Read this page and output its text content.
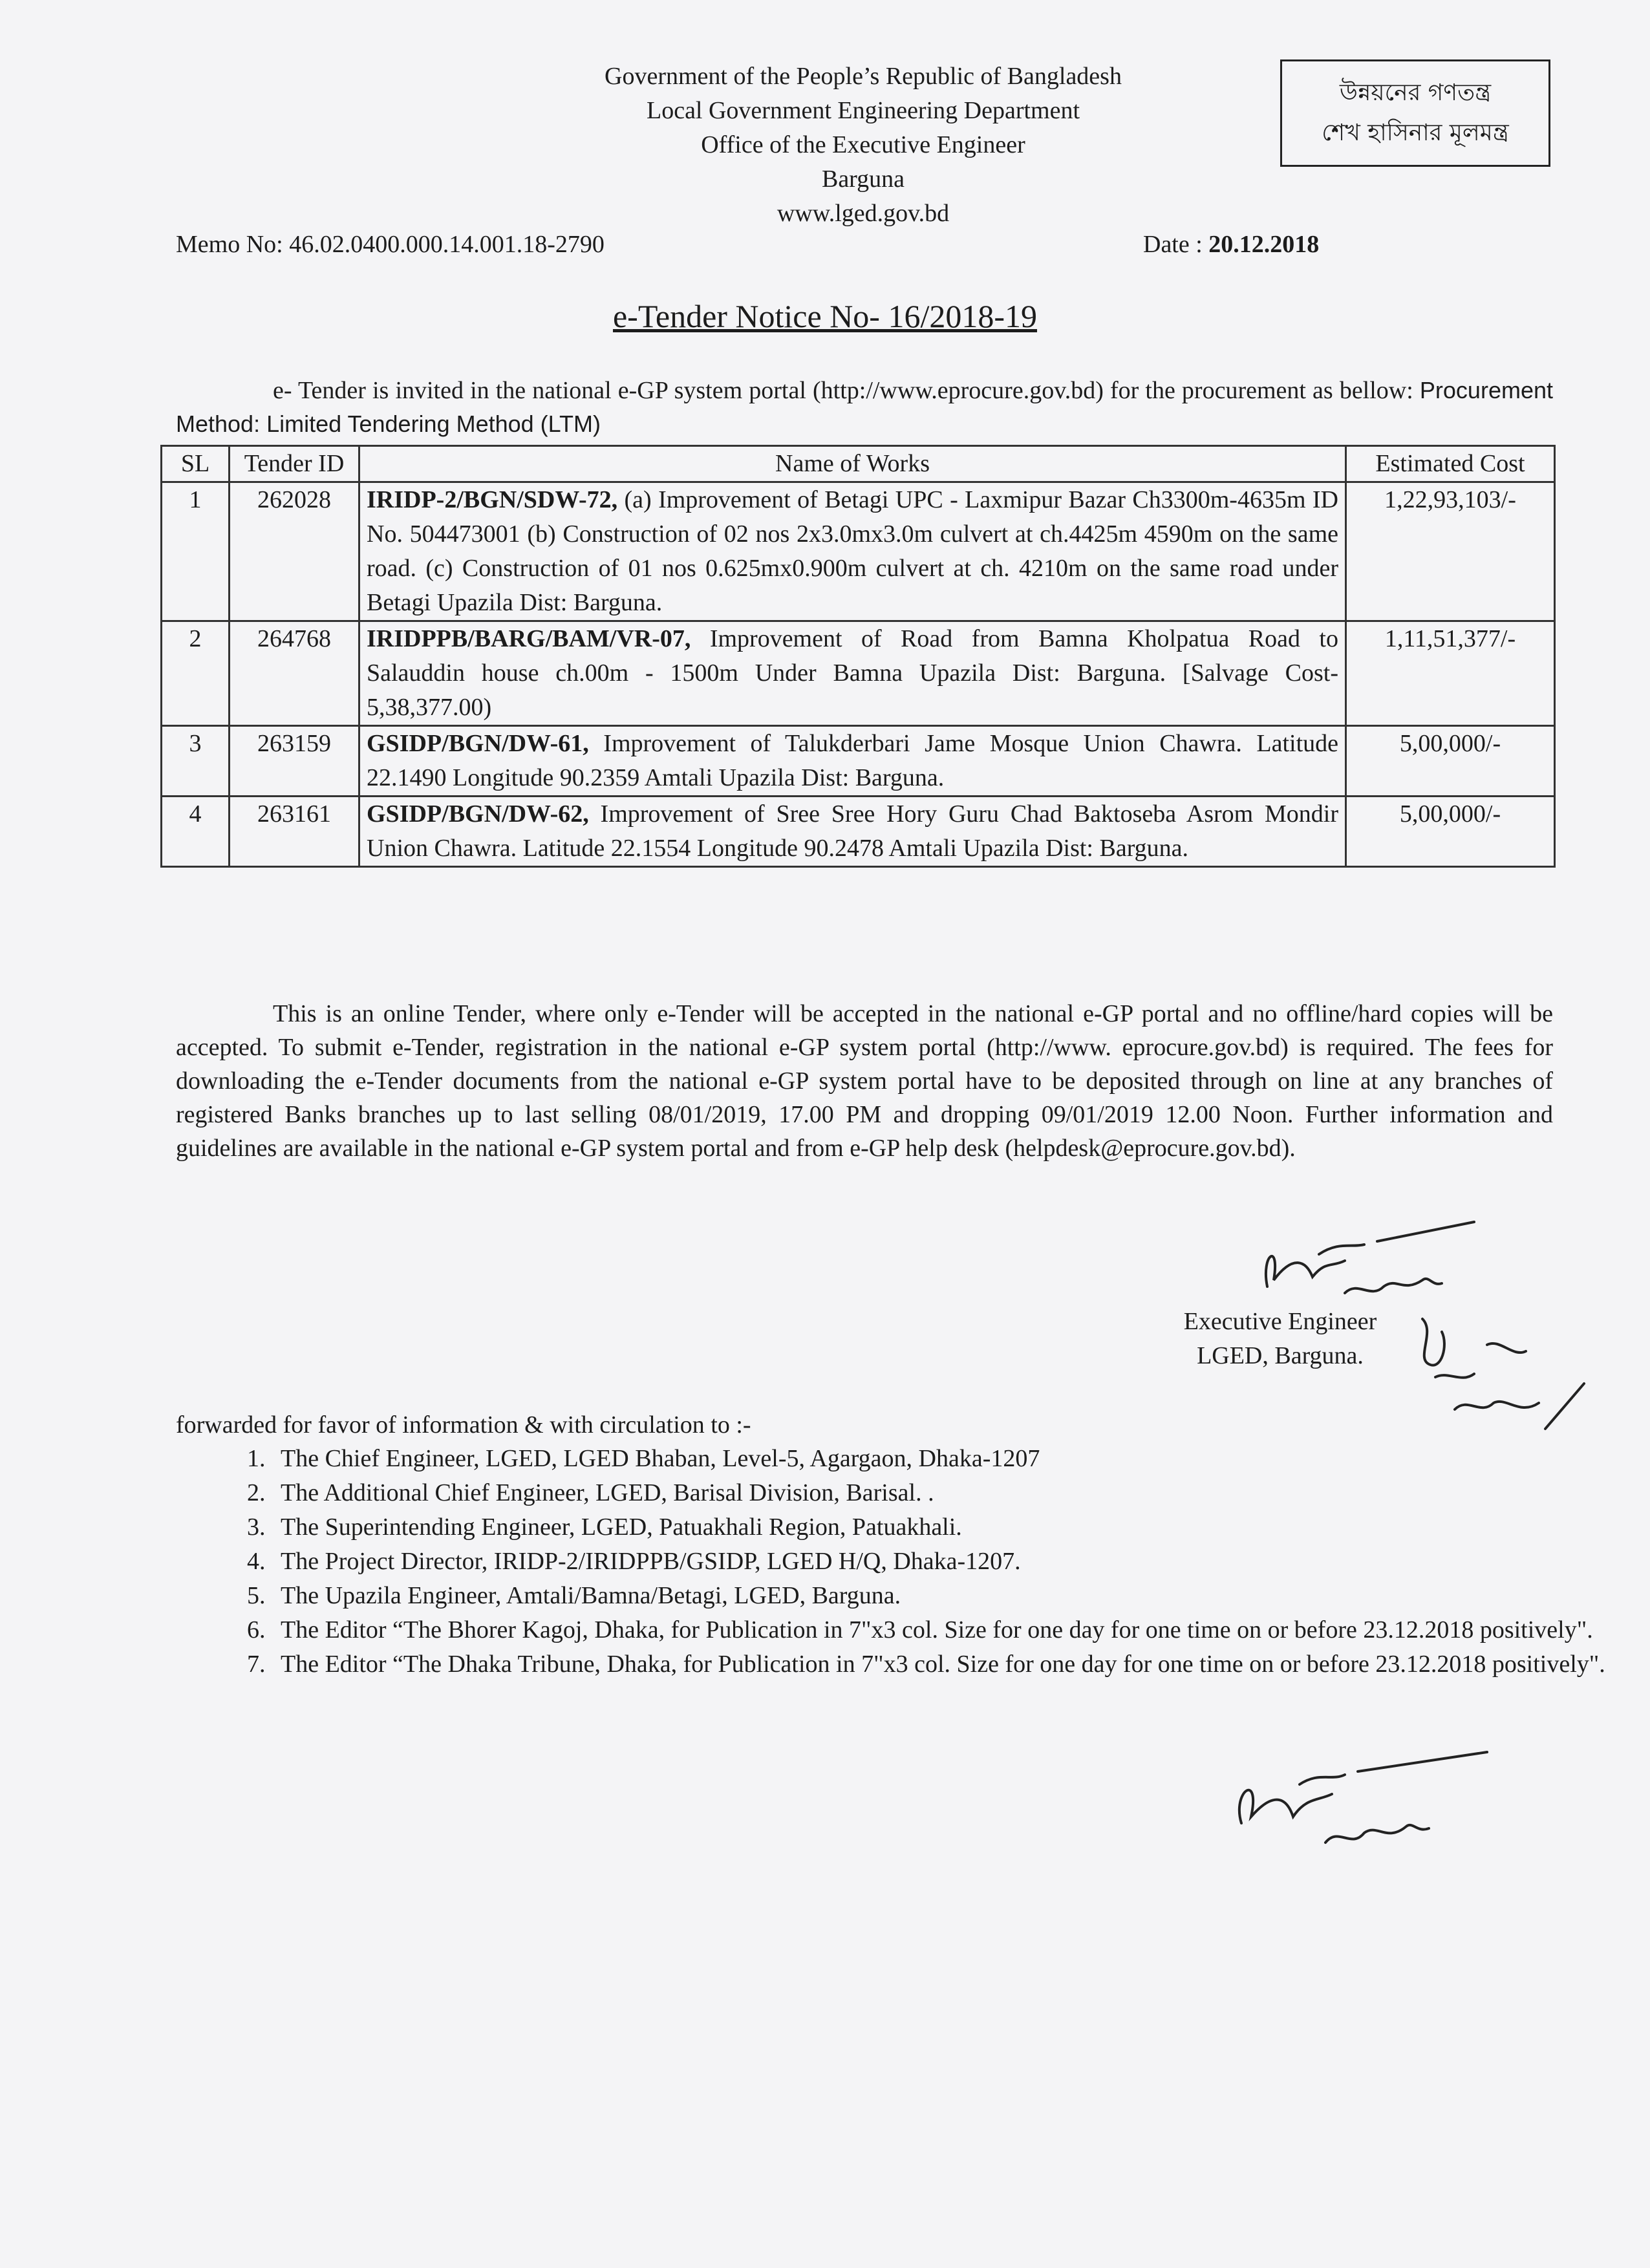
Government of the People’s Republic of Bangladesh
Local Government Engineering Department
Office of the Executive Engineer
Barguna
www.lged.gov.bd
উন্নয়নের গণতন্ত্র
শেখ হাসিনার মূলমন্ত্র
Memo No: 46.02.0400.000.14.001.18-2790	Date : 20.12.2018
e-Tender Notice No- 16/2018-19
e- Tender is invited in the national e-GP system portal (http://www.eprocure.gov.bd) for the procurement as bellow: Procurement Method: Limited Tendering Method (LTM)
SL	Tender ID	Name of Works	Estimated Cost
1	262028	IRIDP-2/BGN/SDW-72, (a) Improvement of Betagi UPC - Laxmipur Bazar Ch3300m-4635m ID No. 504473001 (b) Construction of 02 nos 2x3.0mx3.0m culvert at ch.4425m 4590m on the same road. (c) Construction of 01 nos 0.625mx0.900m culvert at ch. 4210m on the same road under Betagi Upazila Dist: Barguna.	1,22,93,103/-
2	264768	IRIDPPB/BARG/BAM/VR-07, Improvement of Road from Bamna Kholpatua Road to Salauddin house ch.00m - 1500m Under Bamna Upazila Dist: Barguna. [Salvage Cost-5,38,377.00)	1,11,51,377/-
3	263159	GSIDP/BGN/DW-61, Improvement of Talukderbari Jame Mosque Union Chawra. Latitude 22.1490 Longitude 90.2359 Amtali Upazila Dist: Barguna.	5,00,000/-
4	263161	GSIDP/BGN/DW-62, Improvement of Sree Sree Hory Guru Chad Baktoseba Asrom Mondir Union Chawra. Latitude 22.1554 Longitude 90.2478 Amtali Upazila Dist: Barguna.	5,00,000/-
This is an online Tender, where only e-Tender will be accepted in the national e-GP portal and no offline/hard copies will be accepted. To submit e-Tender, registration in the national e-GP system portal (http://www. eprocure.gov.bd) is required. The fees for downloading the e-Tender documents from the national e-GP system portal have to be deposited through on line at any branches of registered Banks branches up to last selling 08/01/2019, 17.00 PM and dropping 09/01/2019 12.00 Noon. Further information and guidelines are available in the national e-GP system portal and from e-GP help desk (helpdesk@eprocure.gov.bd).
Executive Engineer
LGED, Barguna.
forwarded for favor of information & with circulation to :-
1. The Chief Engineer, LGED, LGED Bhaban, Level-5, Agargaon, Dhaka-1207
2. The Additional Chief Engineer, LGED, Barisal Division, Barisal. .
3. The Superintending Engineer, LGED, Patuakhali Region, Patuakhali.
4. The Project Director, IRIDP-2/IRIDPPB/GSIDP, LGED H/Q, Dhaka-1207.
5. The Upazila Engineer, Amtali/Bamna/Betagi, LGED, Barguna.
6. The Editor “The Bhorer Kagoj, Dhaka, for Publication in 7"x3 col. Size for one day for one time on or before 23.12.2018 positively".
7. The Editor “The Dhaka Tribune, Dhaka, for Publication in 7"x3 col. Size for one day for one time on or before 23.12.2018 positively".
